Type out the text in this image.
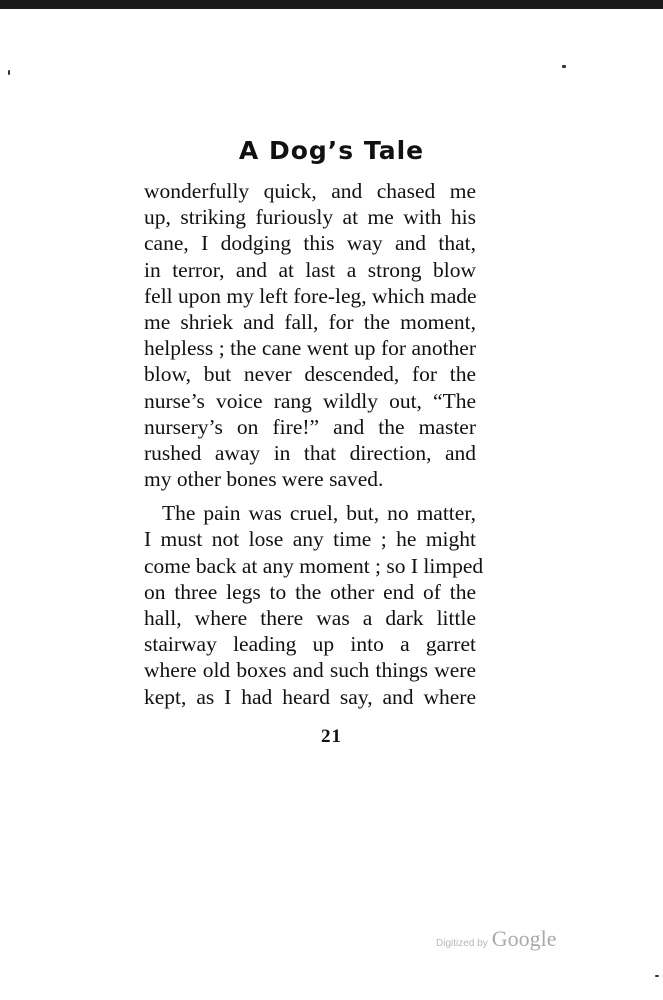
A Dog’s Tale
wonderfully quick, and chased me
up, striking furiously at me with his
cane, I dodging this way and that,
in terror, and at last a strong blow
fell upon my left fore-leg, which made
me shriek and fall, for the moment,
helpless ; the cane went up for another
blow, but never descended, for the
nurse’s voice rang wildly out, “The
nursery’s on fire!” and the master
rushed away in that direction, and
my other bones were saved.
The pain was cruel, but, no matter,
I must not lose any time ; he might
come back at any moment ; so I limped
on three legs to the other end of the
hall, where there was a dark little
stairway leading up into a garret
where old boxes and such things were
kept, as I had heard say, and where
21
Digitized by Google
